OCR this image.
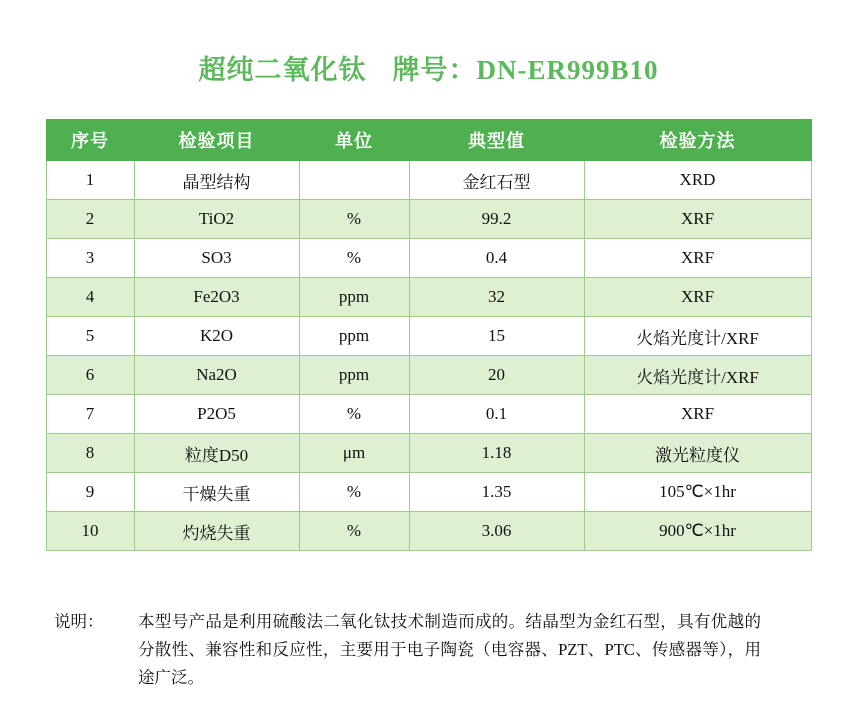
超纯二氧化钛 牌号：DN-ER999B10
序号	检验项目	单位	典型值	检验方法
1	晶型结构		金红石型	XRD
2	TiO2	%	99.2	XRF
3	SO3	%	0.4	XRF
4	Fe2O3	ppm	32	XRF
5	K2O	ppm	15	火焰光度计/XRF
6	Na2O	ppm	20	火焰光度计/XRF
7	P2O5	%	0.1	XRF
8	粒度D50	μm	1.18	激光粒度仪
9	干燥失重	%	1.35	105℃×1hr
10	灼烧失重	%	3.06	900℃×1hr
说明：	本型号产品是利用硫酸法二氧化钛技术制造而成的。结晶型为金红石型，具有优越的分散性、兼容性和反应性，主要用于电子陶瓷（电容器、PZT、PTC、传感器等），用途广泛。
